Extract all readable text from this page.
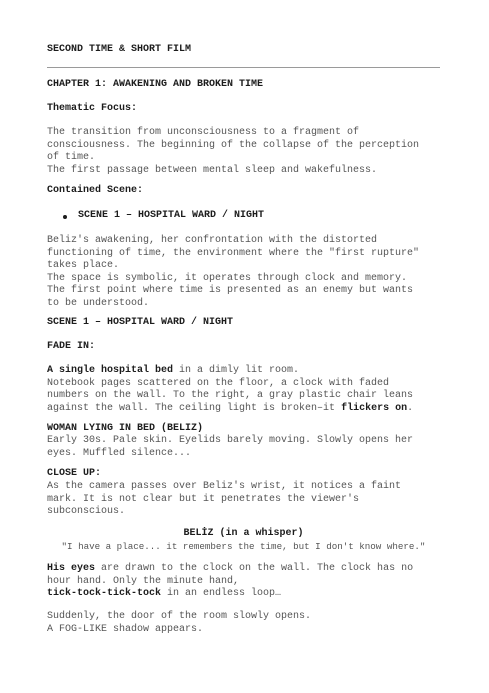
SECOND TIME & SHORT FILM
CHAPTER 1: AWAKENING AND BROKEN TIME
Thematic Focus:
The transition from unconsciousness to a fragment of
consciousness. The beginning of the collapse of the perception
of time.
The first passage between mental sleep and wakefulness.
Contained Scene:
SCENE 1 – HOSPITAL WARD / NIGHT
Beliz's awakening, her confrontation with the distorted
functioning of time, the environment where the "first rupture"
takes place.
The space is symbolic, it operates through clock and memory.
The first point where time is presented as an enemy but wants
to be understood.
SCENE 1 – HOSPITAL WARD / NIGHT
FADE IN:
A single hospital bed in a dimly lit room.
Notebook pages scattered on the floor, a clock with faded
numbers on the wall. To the right, a gray plastic chair leans
against the wall. The ceiling light is broken–it flickers on.
WOMAN LYING IN BED (BELIZ)
Early 30s. Pale skin. Eyelids barely moving. Slowly opens her
eyes. Muffled silence...
CLOSE UP:
As the camera passes over Beliz's wrist, it notices a faint
mark. It is not clear but it penetrates the viewer's
subconscious.
BELİZ (in a whisper)
"I have a place... it remembers the time, but I don't know where."
His eyes are drawn to the clock on the wall. The clock has no
hour hand. Only the minute hand,
tick-tock-tick-tock in an endless loop…
Suddenly, the door of the room slowly opens.
A FOG-LIKE shadow appears.
